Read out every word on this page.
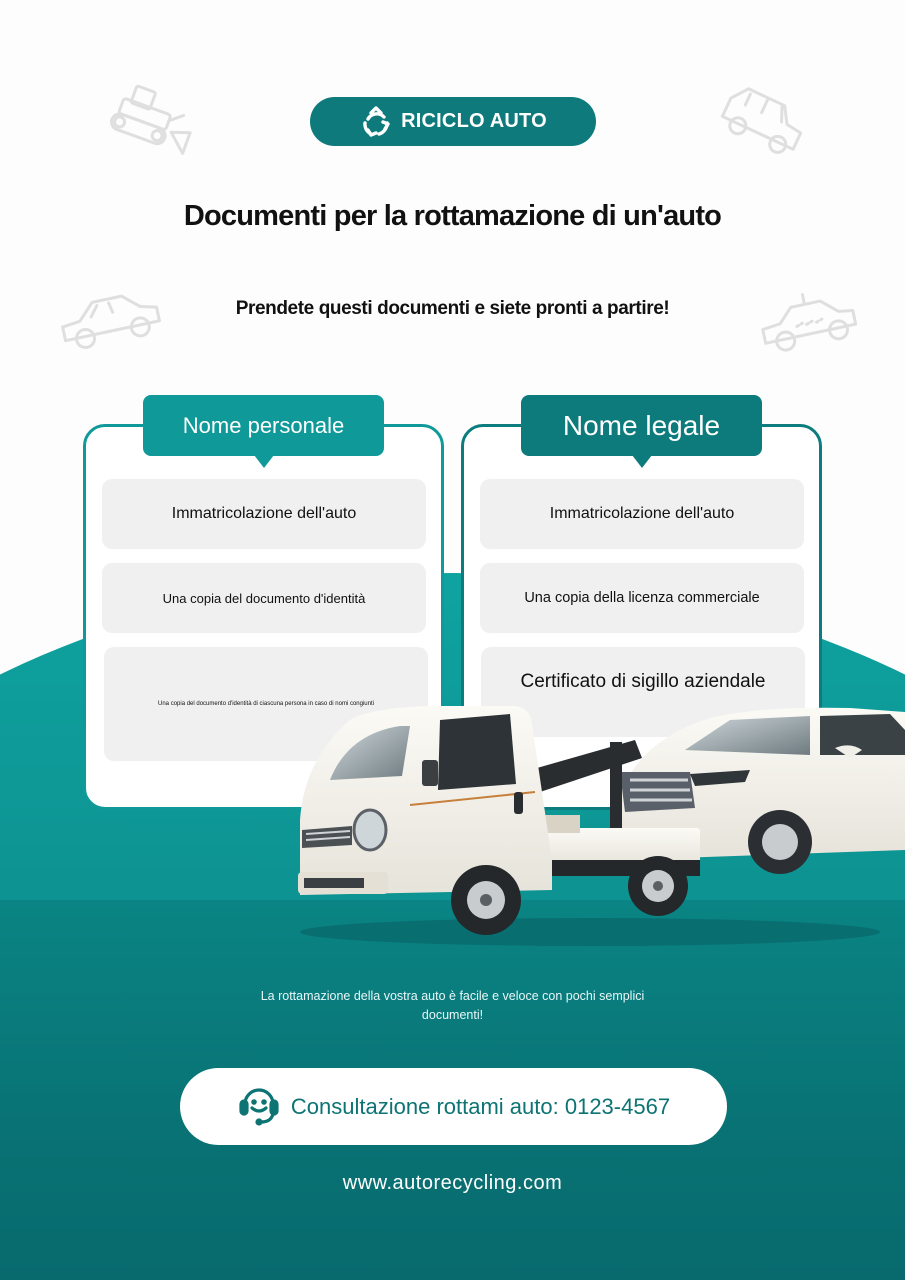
RICICLO AUTO
Documenti per la rottamazione di un'auto
Prendete questi documenti e siete pronti a partire!
Nome personale
Immatricolazione dell'auto
Una copia del documento d'identità
Una copia del documento d'identità di ciascuna persona in caso di nomi congiunti
Nome legale
Immatricolazione dell'auto
Una copia della licenza commerciale
Certificato di sigillo aziendale
La rottamazione della vostra auto è facile e veloce con pochi semplici documenti!
Consultazione rottami auto: 0123-4567
www.autorecycling.com
